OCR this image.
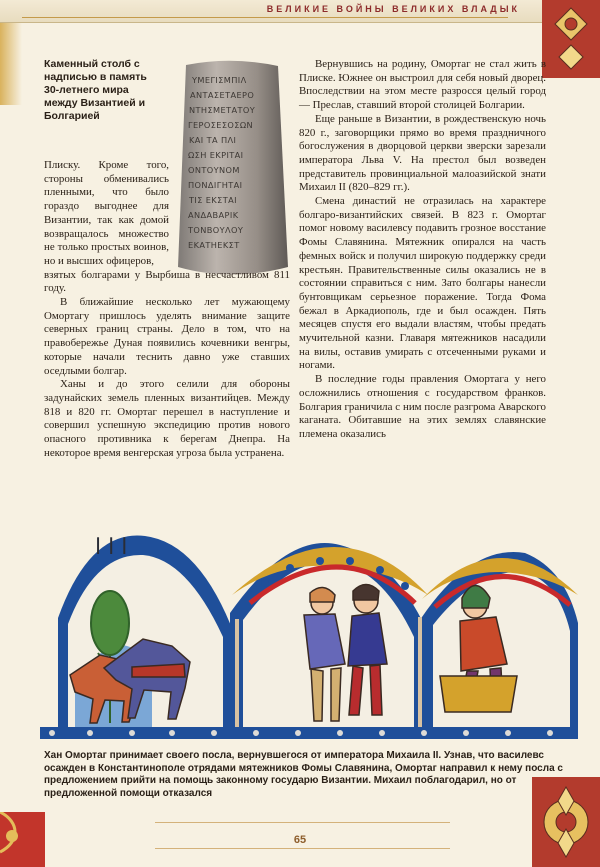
ВЕЛИКИЕ ВОЙНЫ ВЕЛИКИХ ВЛАДЫК
Каменный столб с надписью в память 30-летнего мира между Византией и Болгарией
ΥΜΕΓΙΣΜΠΙΛ
ΑΝΤΑΣΕΤΑΕΡΟ
ΝΤΗΣΜΕΤΑΤΟΥ
ΓΕΡΟΣΕΣΟΣΩΝ
ΚΑΙ ΤΑ ΠΛΙ
ΩΣΗ ΕΚΡΙΤΑΙ
ΟΝΤΟΥΝΟΜ
ΠΟΝΔΙΓΗΤΑΙ
ΤΙΣ ΕΚΣΤΑΙ
ΑΝΔΑΒΑΡΙΚ
ΤΟΝΒΟΥΛΟΥ
ΕΚΑΤΗΕΚΣΤ

Плиску. Кроме того, стороны обменивались пленными, что было гораздо выгоднее для Византии, так как домой возвращалось множество не только простых воинов, но и высших офицеров,

взятых болгарами у Вырбиша в несчастливом 811 году.

В ближайшие несколько лет мужающему Омортагу пришлось уделять внимание защите северных границ страны. Дело в том, что на правобережье Дуная появились кочевники венгры, которые начали теснить давно уже ставших оседлыми болгар.

Ханы и до этого селили для обороны задунайских земель пленных византийцев. Между 818 и 820 гг. Омортаг перешел в наступление и совершил успешную экспедицию против нового опасного противника к берегам Днепра. На некоторое время венгерская угроза была устранена.

Вернувшись на родину, Омортаг не стал жить в Плиске. Южнее он выстроил для себя новый дворец. Впоследствии на этом месте разросся целый город — Преслав, ставший второй столицей Болгарии.

Еще раньше в Византии, в рождественскую ночь 820 г., заговорщики прямо во время праздничного богослужения в дворцовой церкви зверски зарезали императора Льва V. На престол был возведен представитель провинциальной малоазийской знати Михаил II (820–829 гг.).

Смена династий не отразилась на характере болгаро-византийских связей. В 823 г. Омортаг помог новому василевсу подавить грозное восстание Фомы Славянина. Мятежник опирался на часть фемных войск и получил широкую поддержку среди крестьян. Правительственные силы оказались не в состоянии справиться с ним. Зато болгары нанесли бунтовщикам серьезное поражение. Тогда Фома бежал в Аркадиополь, где и был осажден. Пять месяцев спустя его выдали властям, чтобы предать мучительной казни. Главаря мятежников насадили на вилы, оставив умирать с отсеченными руками и ногами.

В последние годы правления Омортага у него осложнились отношения с государством франков. Болгария граничила с ним после разгрома Аварского каганата. Обитавшие на этих землях славянские племена оказались

ﺍ ﺍ ﺍ
Хан Омортаг принимает своего посла, вернувшегося от императора Михаила II. Узнав, что василевс осажден в Константинополе отрядами мятежников Фомы Славянина, Омортаг направил к нему посла с предложением прийти на помощь законному государю Византии. Михаил поблагодарил, но от предложенной помощи отказался
65
